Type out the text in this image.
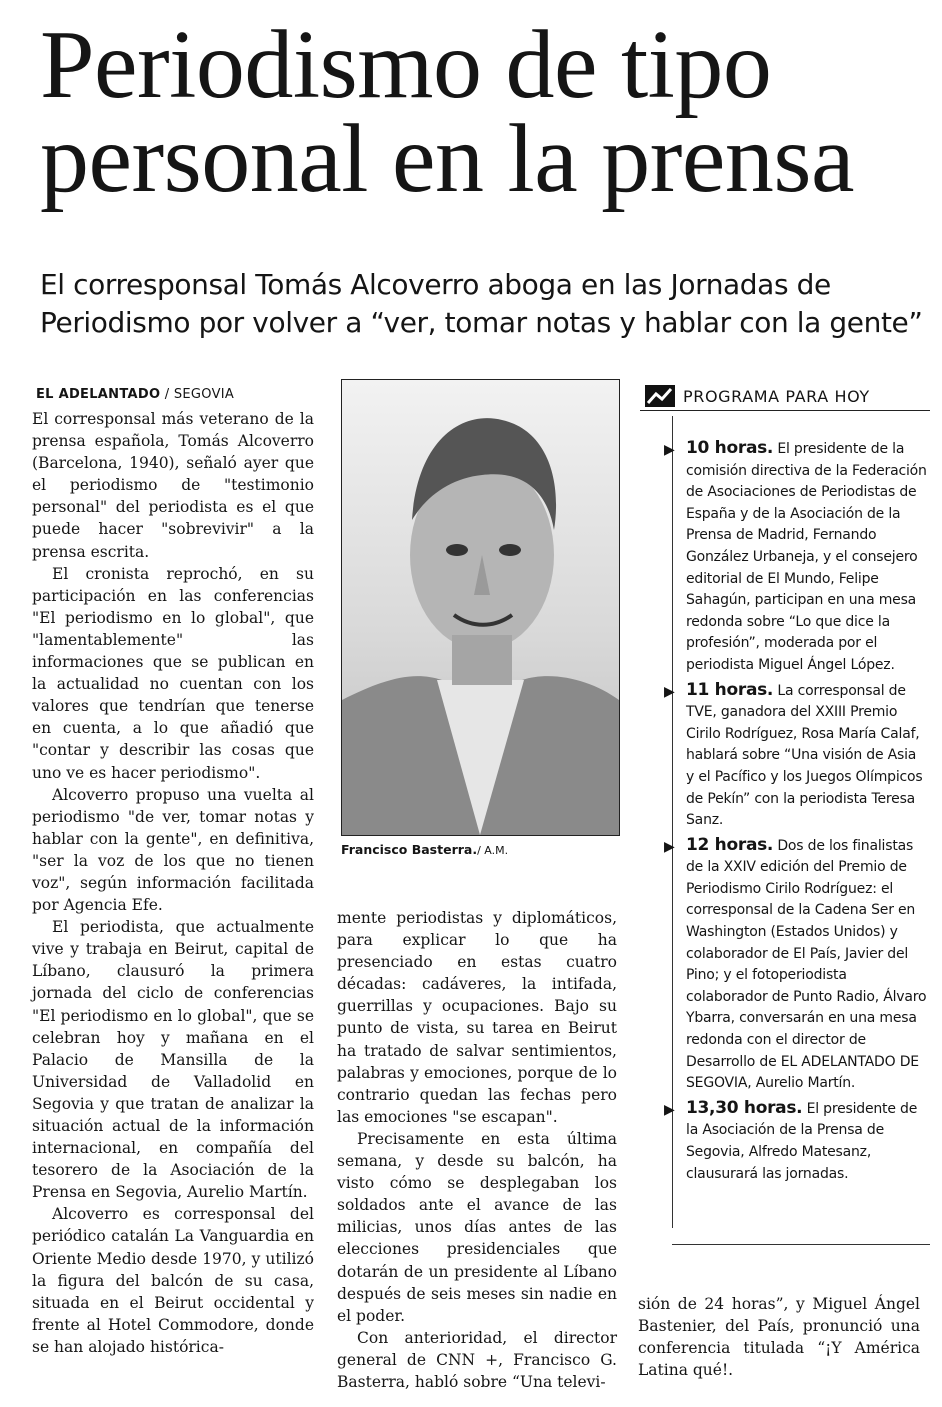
Periodismo de tipo personal en la prensa
El corresponsal Tomás Alcoverro aboga en las Jornadas de Periodismo por volver a “ver, tomar notas y hablar con la gente”
EL ADELANTADO / SEGOVIA

El corresponsal más veterano de la prensa española, Tomás Alcoverro (Barcelona, 1940), señaló ayer que el periodismo de "testimonio personal" del periodista es el que puede hacer "sobrevivir" a la prensa escrita.

El cronista reprochó, en su participación en las conferencias "El periodismo en lo global", que "lamentablemente" las informaciones que se publican en la actualidad no cuentan con los valores que tendrían que tenerse en cuenta, a lo que añadió que "contar y describir las cosas que uno ve es hacer periodismo".

Alcoverro propuso una vuelta al periodismo "de ver, tomar notas y hablar con la gente", en definitiva, "ser la voz de los que no tienen voz", según información facilitada por Agencia Efe.

El periodista, que actualmente vive y trabaja en Beirut, capital de Líbano, clausuró la primera jornada del ciclo de conferencias "El periodismo en lo global", que se celebran hoy y mañana en el Palacio de Mansilla de la Universidad de Valladolid en Segovia y que tratan de analizar la situación actual de la información internacional, en compañía del tesorero de la Asociación de la Prensa en Segovia, Aurelio Martín.

Alcoverro es corresponsal del periódico catalán La Vanguardia en Oriente Medio desde 1970, y utilizó la figura del balcón de su casa, situada en el Beirut occidental y frente al Hotel Commodore, donde se han alojado histórica-

Francisco Basterra./ A.M.

mente periodistas y diplomáticos, para explicar lo que ha presenciado en estas cuatro décadas: cadáveres, la intifada, guerrillas y ocupaciones. Bajo su punto de vista, su tarea en Beirut ha tratado de salvar sentimientos, palabras y emociones, porque de lo contrario quedan las fechas pero las emociones "se escapan".

Precisamente en esta última semana, y desde su balcón, ha visto cómo se desplegaban los soldados ante el avance de las milicias, unos días antes de las elecciones presidenciales que dotarán de un presidente al Líbano después de seis meses sin nadie en el poder.

Con anterioridad, el director general de CNN +, Francisco G. Basterra, habló sobre “Una televi-

sión de 24 horas”, y Miguel Ángel Bastenier, del País, pronunció una conferencia titulada “¡Y América Latina qué!.

PROGRAMA PARA HOY
▶ 10 horas. El presidente de la comisión directiva de la Federación de Asociaciones de Periodistas de España y de la Asociación de la Prensa de Madrid, Fernando González Urbaneja, y el consejero editorial de El Mundo, Felipe Sahagún, participan en una mesa redonda sobre “Lo que dice la profesión”, moderada por el periodista Miguel Ángel López.
▶ 11 horas. La corresponsal de TVE, ganadora del XXIII Premio Cirilo Rodríguez, Rosa María Calaf, hablará sobre “Una visión de Asia y el Pacífico y los Juegos Olímpicos de Pekín” con la periodista Teresa Sanz.
▶ 12 horas. Dos de los finalistas de la XXIV edición del Premio de Periodismo Cirilo Rodríguez: el corresponsal de la Cadena Ser en Washington (Estados Unidos) y colaborador de El País, Javier del Pino; y el fotoperiodista colaborador de Punto Radio, Álvaro Ybarra, conversarán en una mesa redonda con el director de Desarrollo de EL ADELANTADO DE SEGOVIA, Aurelio Martín.
▶ 13,30 horas. El presidente de la Asociación de la Prensa de Segovia, Alfredo Matesanz, clausurará las jornadas.
